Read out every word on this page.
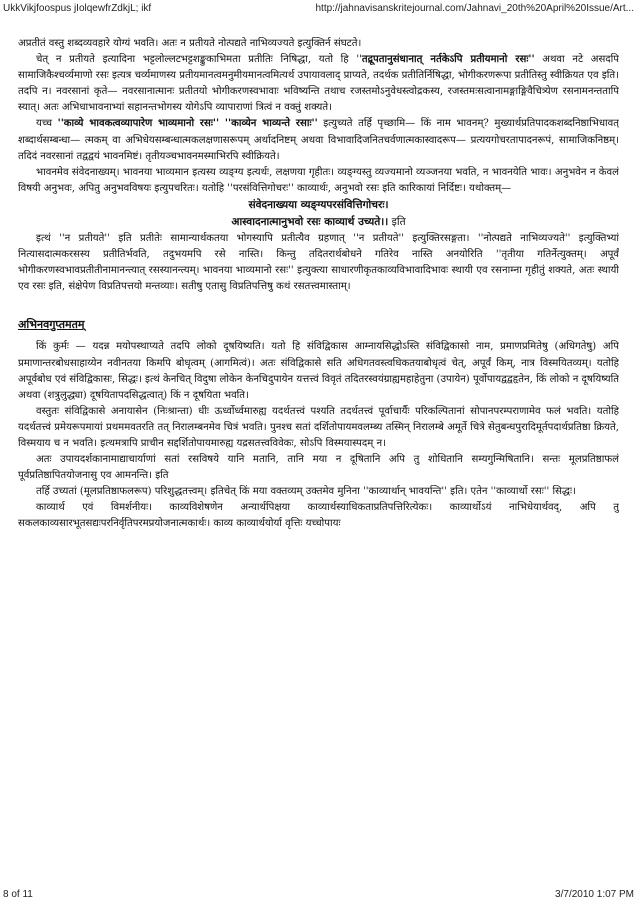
UkkVikjfoospus jIolqewfrZdkjL; ikf	http://jahnavisanskritejournal.com/Jahnavi_20th%20April%20Issue/Art...

अप्रतीतं वस्तु शब्दव्यवहारे योग्यं भवति। अतः न प्रतीयते नोत्पद्यते नाभिव्यज्यते इत्युक्तिर्न संघटते।

चेत् न प्रतीयते इत्यादिना भट्टलोल्लटभट्टशङ्कुकाभिमता प्रतीतिः निषिद्धा, यतो हि ''तद्रूपतानुसंधानात् नर्तकेऽपि प्रतीयमानो रसः'' अथवा नटे असदपि सामाजिकैश्चर्व्यमाणो रसः इत्यत्र चर्व्यमाणस्य प्रतीयमानत्वमनुमीयमानत्वमित्यर्थ उपायावलाद् प्राप्यते, तदर्थक प्रतीतिर्निषिद्धा, भोगीकरणरूपा प्रतीतिस्तु स्वीक्रियत एव इति। तदपि न। नवरसानां कृते— नवरसानात्मानः प्रतीतयो भोगीकरणस्वभावाः भविष्यन्ति तथाच रजस्तमोऽनुवेधस्त्वोद्रकस्य, रजस्तमःसत्वानामङ्गाङ्गिवैचित्र्येण रसनामनन्ततापि स्यात्। अतः अभिधाभावनाभ्यां सहानन्तभोगस्य योगेऽपि व्यापाराणां त्रित्वं न वक्तुं शक्यते।

यच्च ''काव्ये भावकत्वव्यापारेण भाव्यमानो रसः'' ''काव्येन भाव्यन्ते रसाः'' इत्युच्यते तर्हि पृच्छामि— किं नाम भावनम्? मुख्यार्थप्रतिपादकशब्दनिष्ठाभिधावत् शब्दार्थसम्बन्धा— त्मकम् वा अभिधेयसम्बन्धात्मकलक्षणासरूपम् अर्थादनिष्टम् अथवा विभावादिजनितचर्वणात्मकास्वादरूप— प्रत्ययगोचरतापादनरूपं, सामाजिकनिष्ठम्। तदिदं नवरसानां तद्वद्वयं भावनमिष्टं। तृतीयञ्चभावनमस्माभिरपि स्वीक्रियते।

भावनमेव संवेदनाख्यम्। भावनया भाव्यमान इत्यस्य व्यङ्ग्य इत्यर्थः, लक्षणया गृहीतः। व्यङ्ग्यस्तु व्यज्यमानो व्यञ्जनया भवति, न भावनयेति भावः। अनुभवेन न केवलं विषयी अनुभवः, अपितु अनुभवविषयः इत्युपचरितः। यतोहि ''परसंवित्तिगोचरः'' काव्यार्थः, अनुभवो रसः इति कारिकायां निर्दिष्टः। यथोक्तम्—

संवेदनाख्यया व्यङ्ग्यपरसंवित्तिगोचरः।

आस्वादनात्मानुभवो रसः काव्यार्थ उच्यते।। इति

इत्थं ''न प्रतीयते'' इति प्रतीतेः सामान्यार्थकतया भोगस्यापि प्रतीत्यैव ग्रहणात् ''न प्रतीयते'' इत्युक्तिरसङ्गता। ''नोत्पद्यते नाभिव्यज्यते'' इत्युक्तिभ्यां नित्यासदात्मकरसस्य प्रतीतिर्भवति, तदुभयमपि रसे नास्ति। किन्तु तदितरार्थबोधने गतिरेव नास्ति अनयोरिति ''तृतीया गतिर्नेत्युक्तम्। अपूर्वं भोगीकरणस्वभावप्रतीतीनामानन्त्यात् रसस्यानन्त्यम्। भावनया भाव्यमानो रसः'' इत्युक्त्या साधारणीकृतकाव्यविभावादिभावः स्थायी एव रसनाम्ना गृहीतुं शक्यते, अतः स्थायी एव रसः इति, संक्षेपेण विप्रतिपत्तयो मन्तव्याः। सतीषु एतासु विप्रतिपत्तिषु कथं रसतत्त्वमास्ताम्।

अभिनवगुप्तमतम्

किं कुर्मः — यदन्न मयोपस्थाप्यते तदपि लोको दूषयिष्यति। यतो हि संविद्विकास आम्नायसिद्धोऽस्ति संविद्विकासो नाम, प्रमाणप्रमितेषु (अधिगतेषु) अपि प्रमाणान्तरबोधसाहाय्येन नवीनतया किमपि बोधृत्वम् (आगमित्वं)। अतः संविद्विकासे सति अधिगतवस्त्वधिकतयाबोधृत्वं चेत्, अपूर्वं किम्, नात्र विस्मयितव्यम्। यतोहि अपूर्वबोध एवं संविद्विकासः, सिद्धः। इत्थं केनचित् विदुषा लोकेन केनचिदुपायेन यत्तत्त्वं विवृतं तदितरस्वयंग्राह्यमहाहेतुना (उपायेन) पूर्वोपायद्वद्वहृतेन, किं लोको न दूषयिष्यति अथवा (शत्रुलुद्ध्या) दूषयितापदसिद्धत्वात्) किं न दूषयिता भवति।

वस्तुतः संविद्विकासे अनायासेन (निःश्रान्ता) धीः ऊर्ध्वोर्ध्वमारुह्य यदर्थतत्त्वं पश्यति तदर्थतत्त्वं पूर्वाचार्यैः परिकल्पितानां सोपानपरम्पराणामेव फलं भवति। यतोहि यदर्थतत्त्वं प्रमेयरूपमायां प्रथममवतरति तत् निरालम्बनमेव चित्रं भवति। पुनश्च सतां दर्शितोपायमवलम्ब्य तस्मिन् निरालम्बे अमूर्ते चित्रे सेतुबन्धपुरादिमूर्तपदार्थप्रतिष्ठा क्रियते, विस्मयाय च न भवति। इत्थमत्रापि प्राचीन सद्दर्शितोपायमारुह्य यद्रसतत्त्वविवेकः, सोऽपि विस्मयास्पदम् न।

अतः उपायदर्शकानामाद्याचार्याणां सतां रसविषये यानि मतानि, तानि मया न दूषितानि अपि तु शोधितानि सम्यगुन्मिषितानि। सन्तः मूलप्रतिष्ठाफलं पूर्वप्रतिष्ठापितयोजनासु एव आमनन्ति। इति

तर्हि उच्यतां (मूलप्रतिष्ठाफलरूप) परिशुद्धतत्त्वम्। इतिचेत् किं मया वक्तव्यम् उक्तमेव मुनिना ''काव्यार्थान् भावयन्ति'' इति। एतेन ''काव्यार्थो रसः'' सिद्धः।

काव्यार्थ एवं विमर्शनीयः। काव्यविशेषणेन अन्यार्थपिक्षया काव्यार्थस्याधिकताप्रतिपत्तिरित्येकः। काव्यार्थोऽयं नाभिधेयार्थवद्, अपि तु सकलकाव्यसारभूतसद्यःपरनिर्वृतिपरमप्रयोजनात्मकार्थः। काव्य काव्यार्थयोर्या वृत्तिः यच्चोपायः

8 of 11	3/7/2010 1:07 PM
